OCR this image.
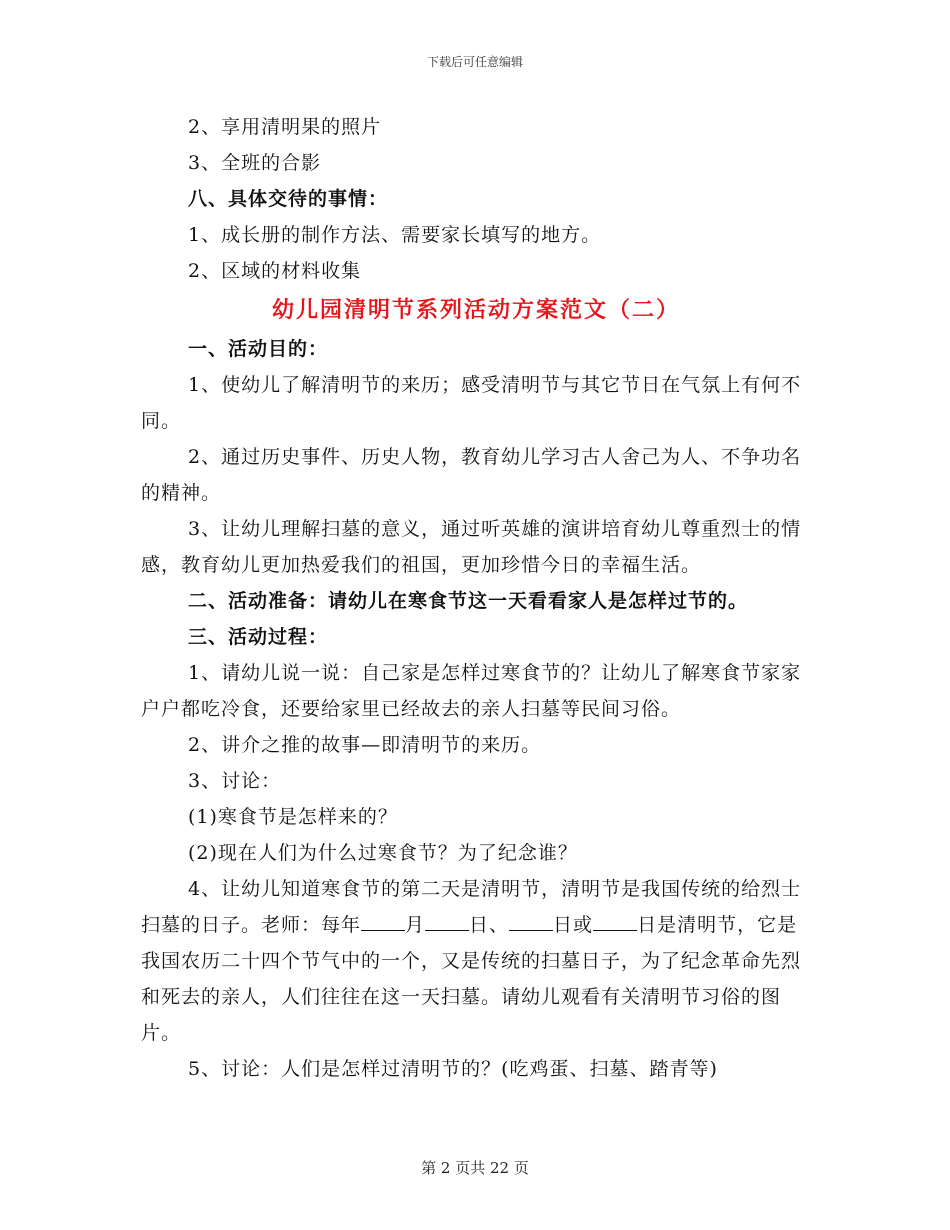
下载后可任意编辑

2、享用清明果的照片

3、全班的合影

八、具体交待的事情：

1、成长册的制作方法、需要家长填写的地方。

2、区域的材料收集

幼儿园清明节系列活动方案范文（二）

一、活动目的：

1、使幼儿了解清明节的来历；感受清明节与其它节日在气氛上有何不同。

2、通过历史事件、历史人物，教育幼儿学习古人舍己为人、不争功名的精神。

3、让幼儿理解扫墓的意义，通过听英雄的演讲培育幼儿尊重烈士的情感，教育幼儿更加热爱我们的祖国，更加珍惜今日的幸福生活。

二、活动准备：请幼儿在寒食节这一天看看家人是怎样过节的。

三、活动过程：

1、请幼儿说一说：自己家是怎样过寒食节的？让幼儿了解寒食节家家户户都吃冷食，还要给家里已经故去的亲人扫墓等民间习俗。

2、讲介之推的故事—即清明节的来历。

3、讨论：

(1)寒食节是怎样来的？

(2)现在人们为什么过寒食节？为了纪念谁？

4、让幼儿知道寒食节的第二天是清明节，清明节是我国传统的给烈士扫墓的日子。老师：每年 月 日、 日或 日是清明节，它是我国农历二十四个节气中的一个，又是传统的扫墓日子，为了纪念革命先烈和死去的亲人，人们往往在这一天扫墓。请幼儿观看有关清明节习俗的图片。

5、讨论：人们是怎样过清明节的？(吃鸡蛋、扫墓、踏青等)

第 2 页共 22 页
